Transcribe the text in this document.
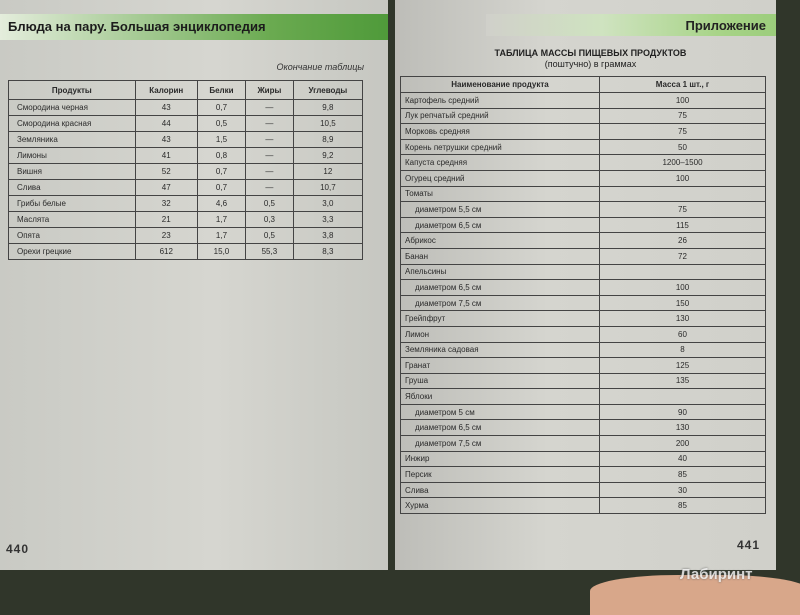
Блюда на пару. Большая энциклопедия
Окончание таблицы
440
Приложение
441
Продукты	Калорин	Белки	Жиры	Углеводы
Смородина черная	43	0,7	—	9,8
Смородина красная	44	0,5	—	10,5
Земляника	43	1,5	—	8,9
Лимоны	41	0,8	—	9,2
Вишня	52	0,7	—	12
Слива	47	0,7	—	10,7
Грибы белые	32	4,6	0,5	3,0
Маслята	21	1,7	0,3	3,3
Опята	23	1,7	0,5	3,8
Орехи грецкие	612	15,0	55,3	8,3
ТАБЛИЦА МАССЫ ПИЩЕВЫХ ПРОДУКТОВ
(поштучно) в граммах
Наименование продукта	Масса 1 шт., г
Картофель средний	100
Лук репчатый средний	75
Морковь средняя	75
Корень петрушки средний	50
Капуста средняя	1200–1500
Огурец средний	100
Томаты	
диаметром 5,5 см	75
диаметром 6,5 см	115
Абрикос	26
Банан	72
Апельсины	
диаметром 6,5 см	100
диаметром 7,5 см	150
Грейпфрут	130
Лимон	60
Земляника садовая	8
Гранат	125
Груша	135
Яблоки	
диаметром 5 см	90
диаметром 6,5 см	130
диаметром 7,5 см	200
Инжир	40
Персик	85
Слива	30
Хурма	85
Лабиринт
